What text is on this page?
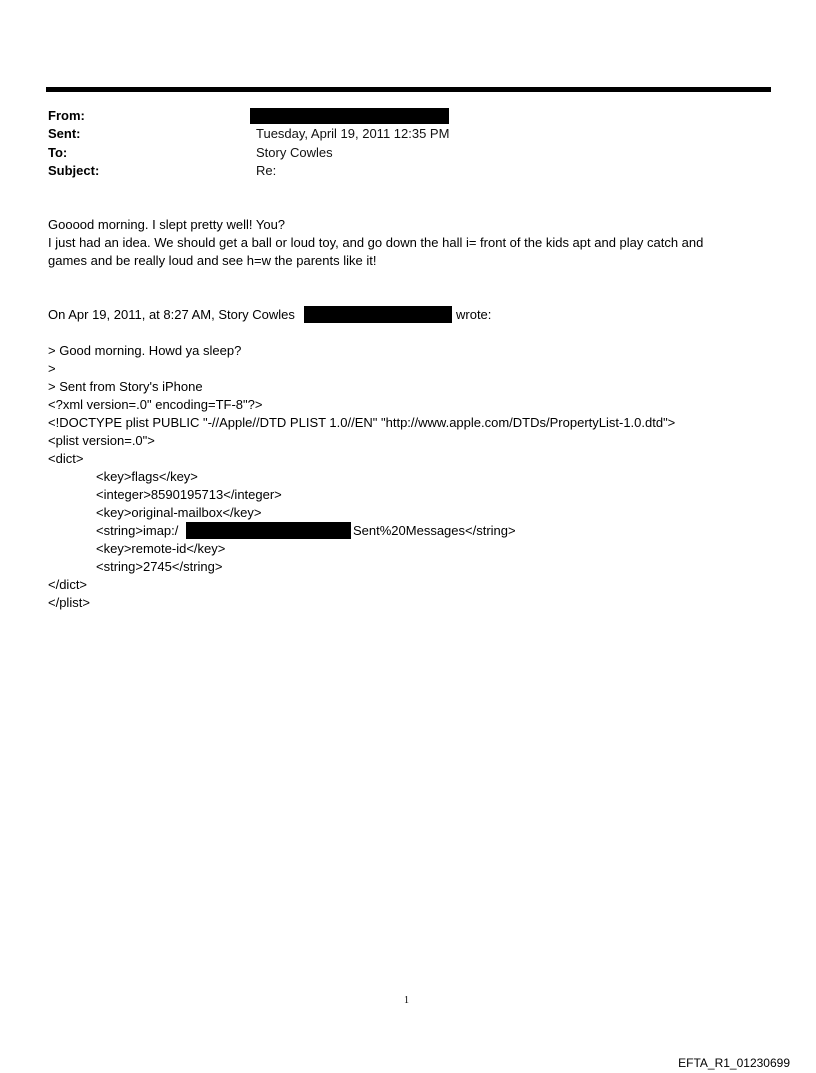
From:
Sent:	Tuesday, April 19, 2011 12:35 PM
To:	Story Cowles
Subject:	Re:
Gooood morning. I slept pretty well! You?
I just had an idea. We should get a ball or loud toy, and go down the hall i= front of the kids apt and play catch and
games and be really loud and see h=w the parents like it!
On Apr 19, 2011, at 8:27 AM, Story Cowles	wrote:
> Good morning. Howd ya sleep?
>
> Sent from Story's iPhone
<?xml version=.0" encoding=TF-8"?>
<!DOCTYPE plist PUBLIC "-//Apple//DTD PLIST 1.0//EN" "http://www.apple.com/DTDs/PropertyList-1.0.dtd">
<plist version=.0">
<dict>
<key>flags</key>
<integer>8590195713</integer>
<key>original-mailbox</key>
<string>imap:/	Sent%20Messages</string>
<key>remote-id</key>
<string>2745</string>
</dict>
</plist>
1
EFTA_R1_01230699
